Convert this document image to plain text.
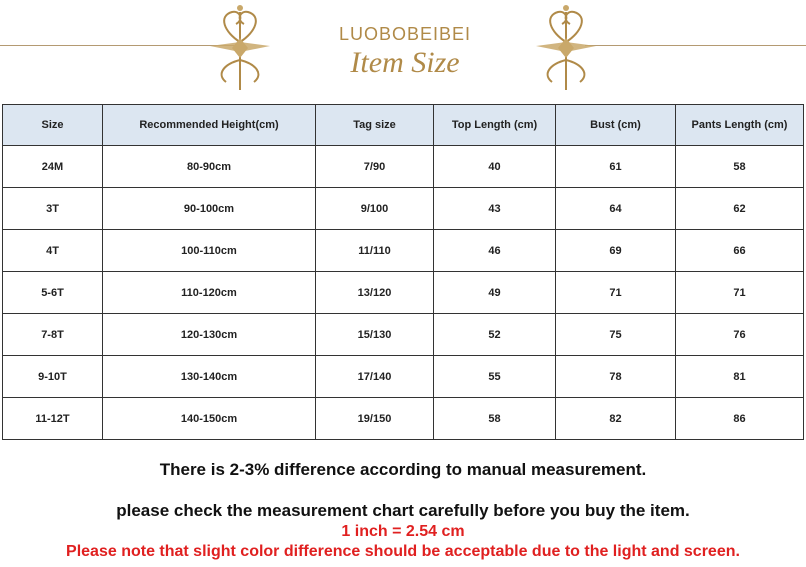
LUOBOBEIBEI
Item Size
Size	Recommended Height(cm)	Tag size	Top Length (cm)	Bust (cm)	Pants Length (cm)
24M	80-90cm	7/90	40	61	58
3T	90-100cm	9/100	43	64	62
4T	100-110cm	11/110	46	69	66
5-6T	110-120cm	13/120	49	71	71
7-8T	120-130cm	15/130	52	75	76
9-10T	130-140cm	17/140	55	78	81
11-12T	140-150cm	19/150	58	82	86
There is 2-3% difference according to manual measurement.
please check the measurement chart carefully before you buy the item.
1 inch = 2.54 cm
Please note that slight color difference should be acceptable due to the light and screen.
